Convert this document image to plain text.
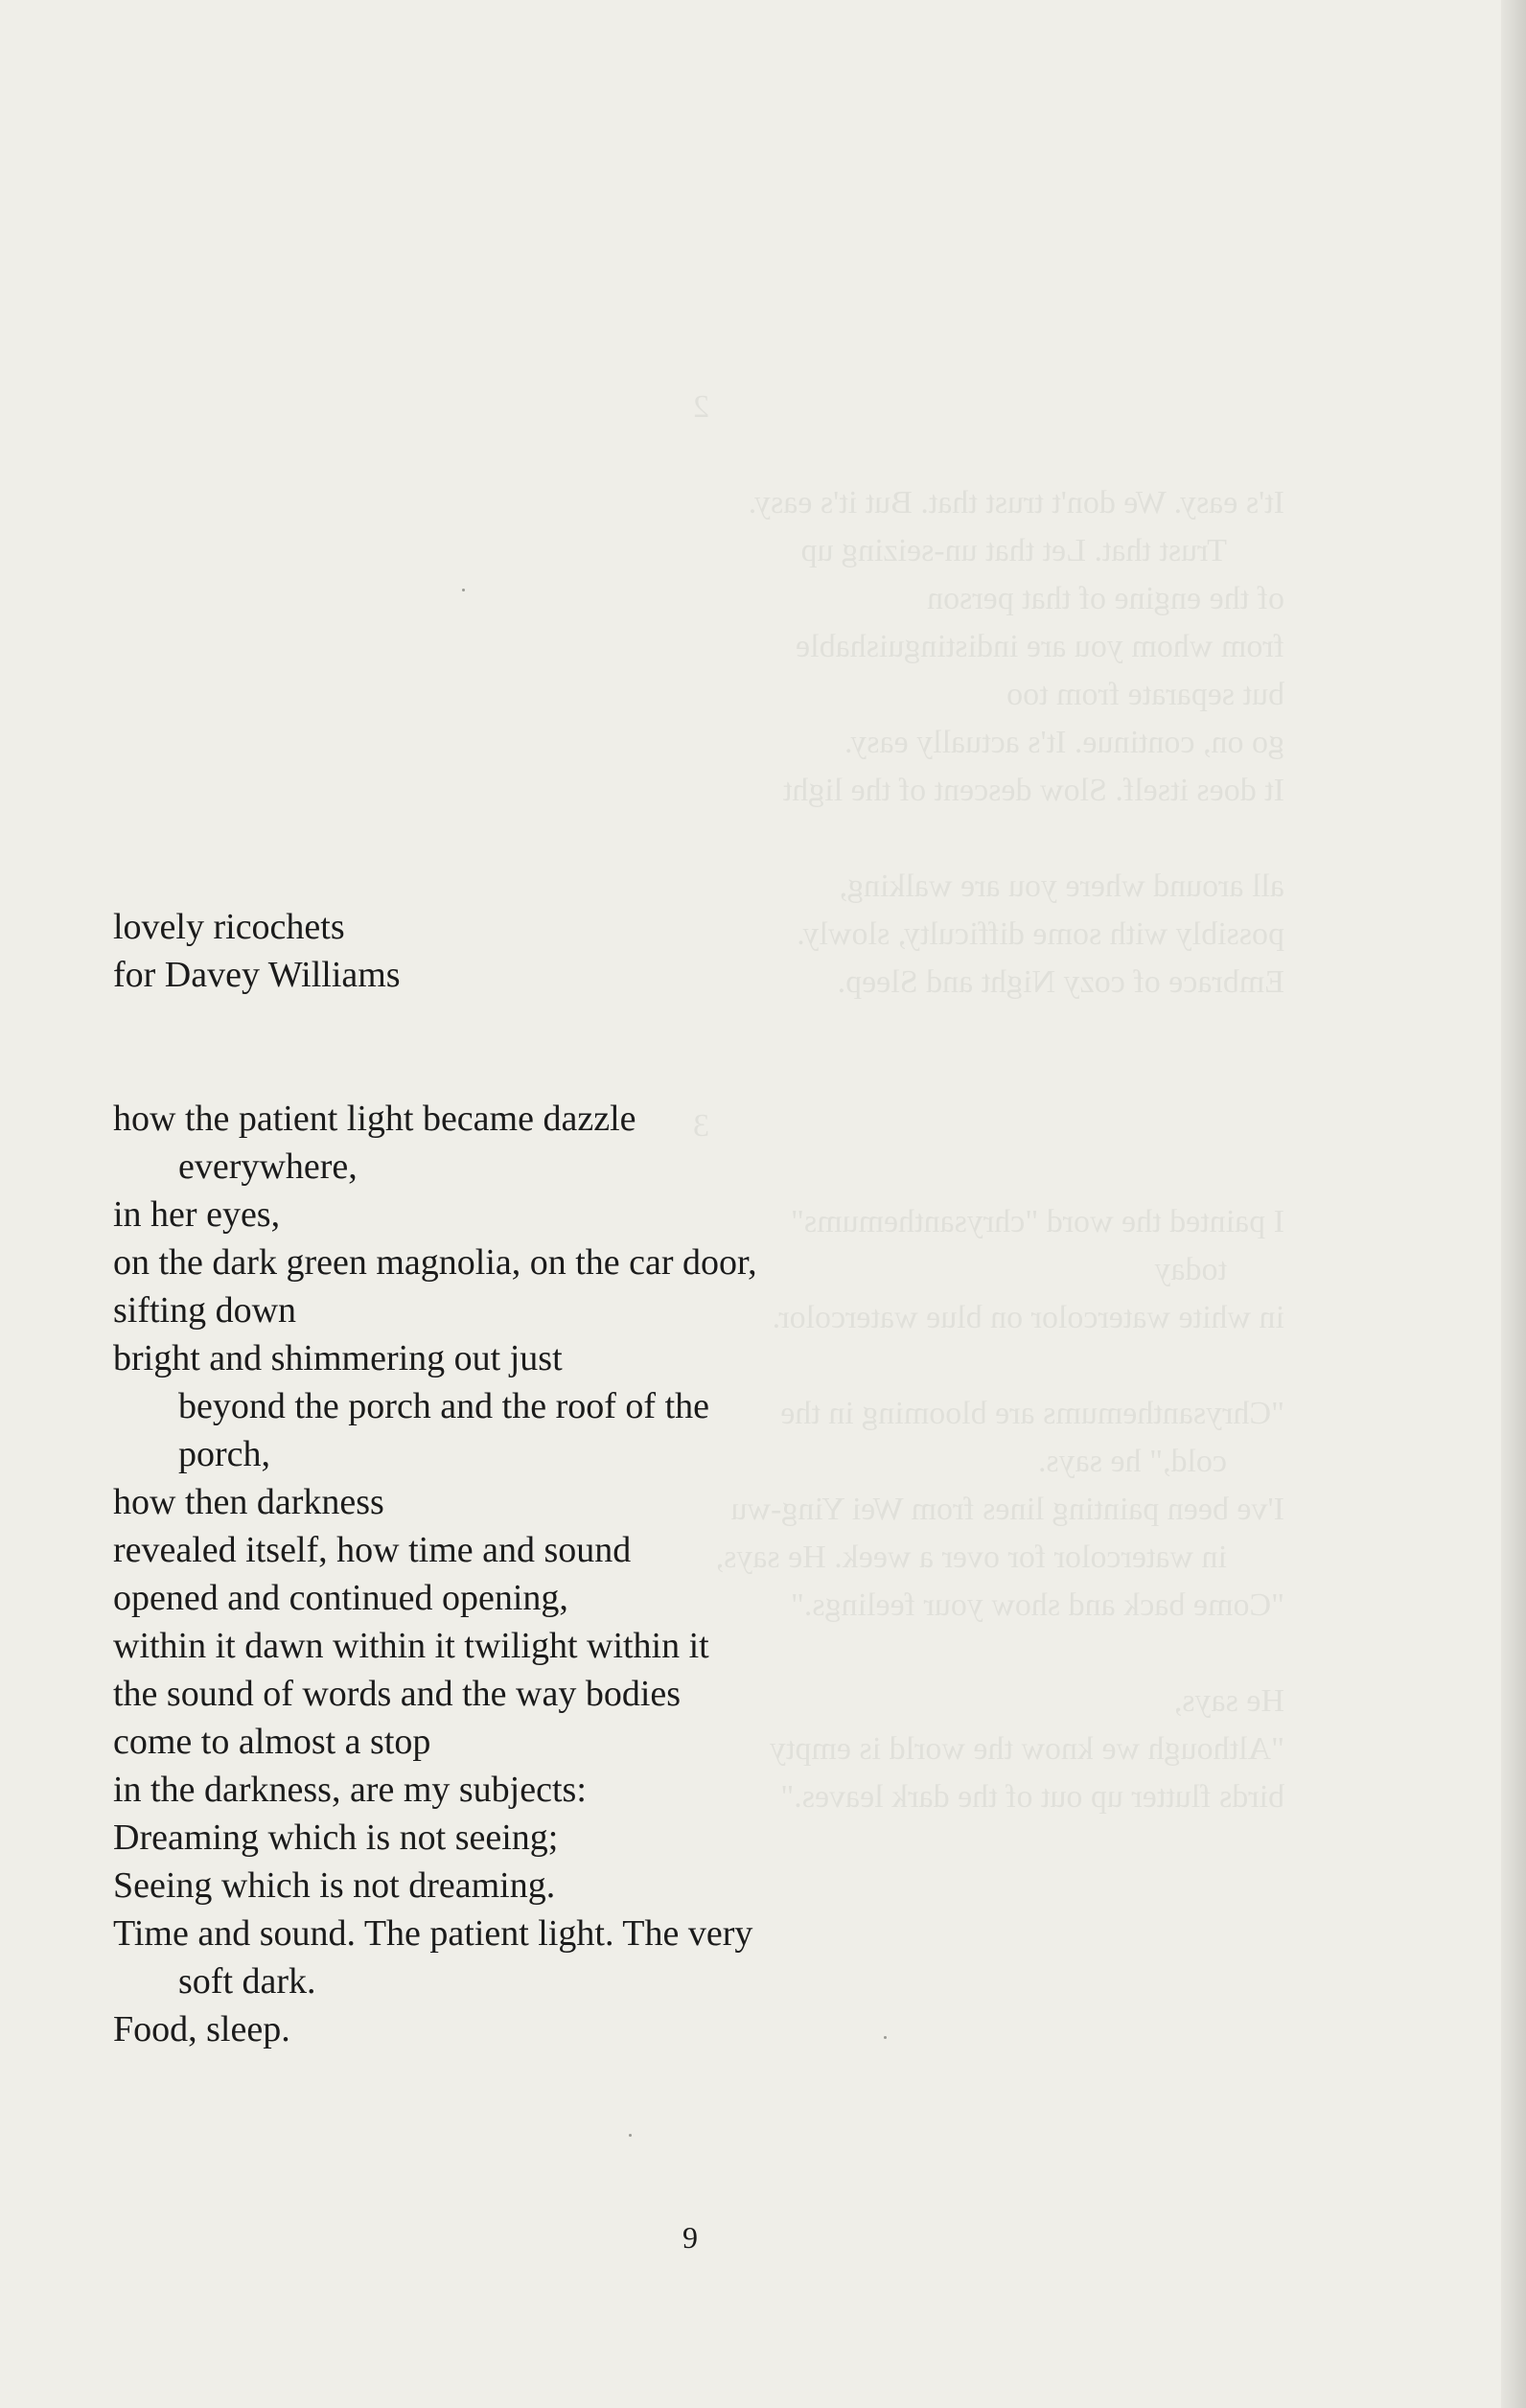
2
It's easy. We don't trust that. But it's easy.
Trust that. Let that un-seizing up
of the engine of that person
from whom you are indistinguishable
but separate from too
go on, continue. It's actually easy.
It does itself. Slow descent of the light
all around where you are walking,
possibly with some difficulty, slowly.
Embrace of cozy Night and Sleep.
3
I painted the word "chrysanthemums"
today
in white watercolor on blue watercolor.
"Chrysanthemums are blooming in the
cold," he says.
I've been painting lines from Wei Ying-wu
in watercolor for over a week. He says,
"Come back and show your feelings."
He says,
"Although we know the world is empty
birds flutter up out of the dark leaves."
lovely ricochets
for Davey Williams
how the patient light became dazzle
everywhere,
in her eyes,
on the dark green magnolia, on the car door,
sifting down
bright and shimmering out just
beyond the porch and the roof of the
porch,
how then darkness
revealed itself, how time and sound
opened and continued opening,
within it dawn within it twilight within it
the sound of words and the way bodies
come to almost a stop
in the darkness, are my subjects:
Dreaming which is not seeing;
Seeing which is not dreaming.
Time and sound. The patient light. The very
soft dark.
Food, sleep.
9
